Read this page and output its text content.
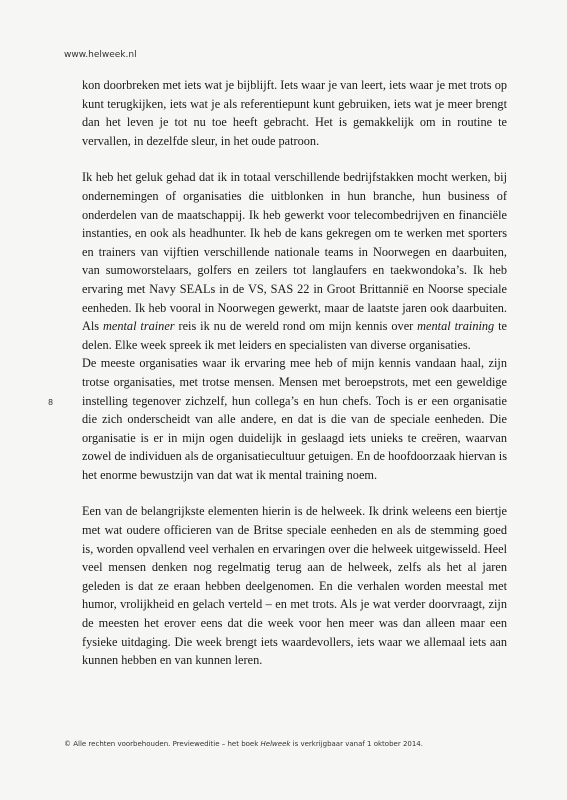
www.helweek.nl

kon doorbreken met iets wat je bijblijft. Iets waar je van leert, iets waar je met trots op kunt terugkijken, iets wat je als referentiepunt kunt gebruiken, iets wat je meer brengt dan het leven je tot nu toe heeft gebracht. Het is gemakkelijk om in routine te vervallen, in dezelfde sleur, in het oude patroon.

Ik heb het geluk gehad dat ik in totaal verschillende bedrijfstakken mocht werken, bij ondernemingen of organisaties die uitblonken in hun branche, hun business of onderdelen van de maatschappij. Ik heb gewerkt voor telecombedrijven en financiële instanties, en ook als headhunter. Ik heb de kans gekregen om te werken met sporters en trainers van vijftien verschillende nationale teams in Noorwegen en daarbuiten, van sumoworstelaars, golfers en zeilers tot langlaufers en taekwondoka’s. Ik heb ervaring met Navy SEALs in de VS, SAS 22 in Groot Brittannië en Noorse speciale eenheden. Ik heb vooral in Noorwegen gewerkt, maar de laatste jaren ook daarbuiten. Als mental trainer reis ik nu de wereld rond om mijn kennis over mental training te delen. Elke week spreek ik met leiders en specialisten van diverse organisaties.

De meeste organisaties waar ik ervaring mee heb of mijn kennis vandaan haal, zijn trotse organisaties, met trotse mensen. Mensen met beroepstrots, met een geweldige instelling tegenover zichzelf, hun collega’s en hun chefs. Toch is er een organisatie die zich onderscheidt van alle andere, en dat is die van de speciale eenheden. Die organisatie is er in mijn ogen duidelijk in geslaagd iets unieks te creëren, waarvan zowel de individuen als de organisatiecultuur getuigen. En de hoofdoorzaak hiervan is het enorme bewustzijn van dat wat ik mental training noem.

Een van de belangrijkste elementen hierin is de helweek. Ik drink weleens een biertje met wat oudere officieren van de Britse speciale eenheden en als de stemming goed is, worden opvallend veel verhalen en ervaringen over die helweek uitgewisseld. Heel veel mensen denken nog regelmatig terug aan de helweek, zelfs als het al jaren geleden is dat ze eraan hebben deelgenomen. En die verhalen worden meestal met humor, vrolijkheid en gelach verteld – en met trots. Als je wat verder doorvraagt, zijn de meesten het erover eens dat die week voor hen meer was dan alleen maar een fysieke uitdaging. Die week brengt iets waardevollers, iets waar we allemaal iets aan kunnen hebben en van kunnen leren.

8
© Alle rechten voorbehouden. Previeweditie – het boek Helweek is verkrijgbaar vanaf 1 oktober 2014.
